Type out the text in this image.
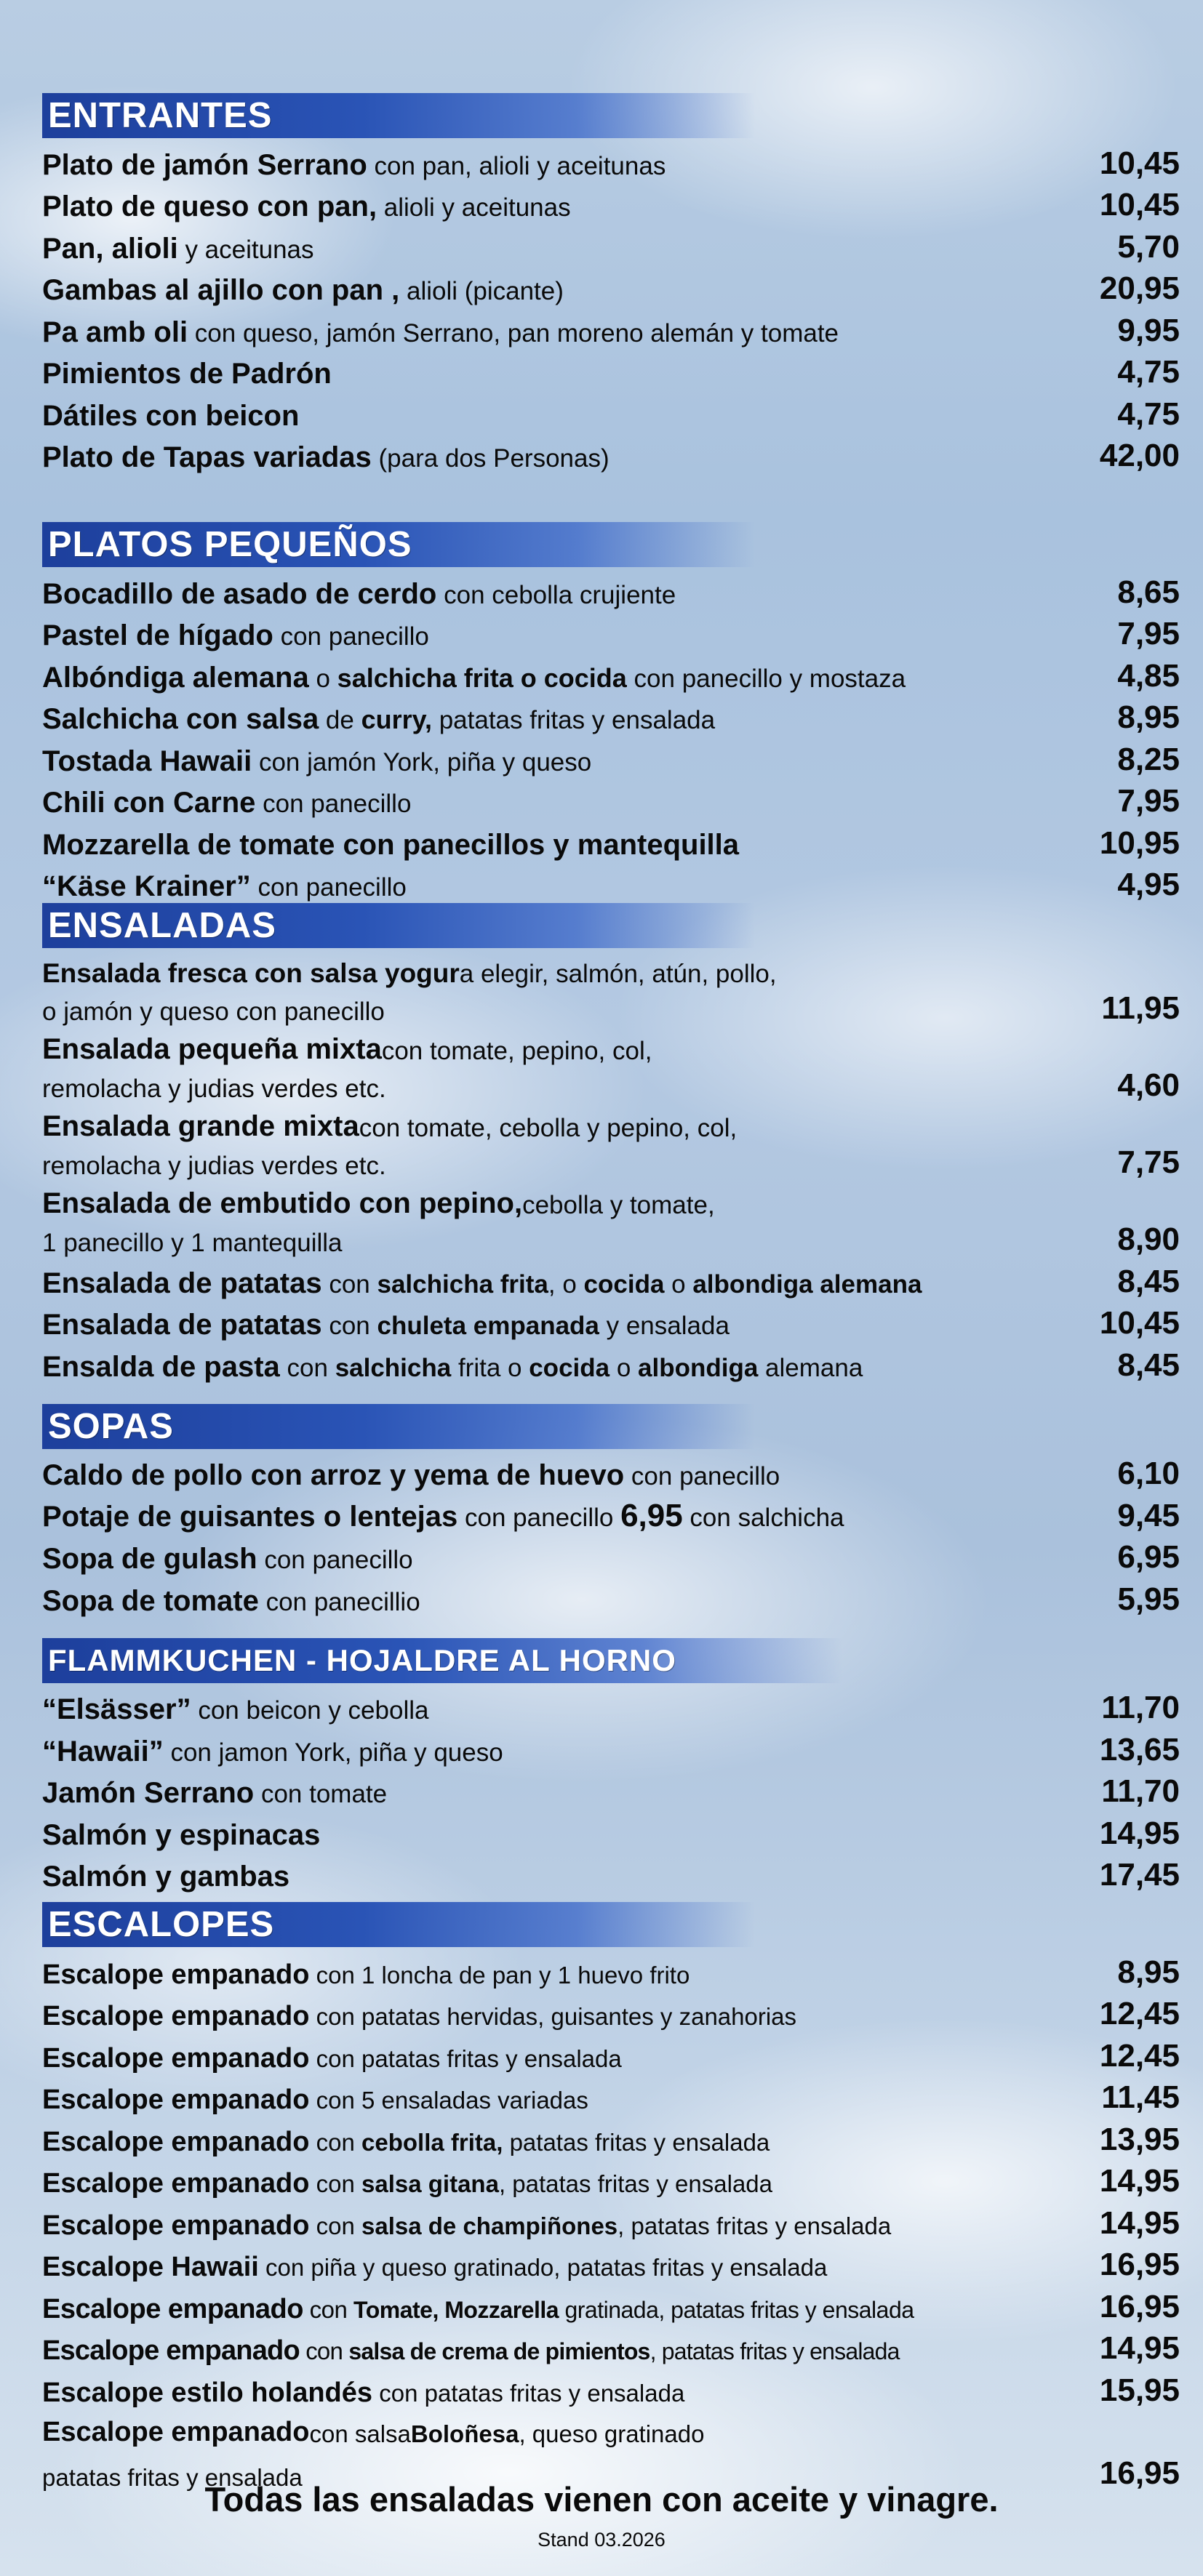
ENTRANTES
Plato de jamón Serrano con pan, alioli y aceitunas	10,45
Plato de queso con pan, alioli y aceitunas	10,45
Pan, alioli y aceitunas	5,70
Gambas al ajillo con pan , alioli (picante)	20,95
Pa amb oli con queso, jamón Serrano, pan moreno alemán y tomate	9,95
Pimientos de Padrón	4,75
Dátiles con beicon	4,75
Plato de Tapas variadas (para dos Personas)	42,00
PLATOS PEQUEÑOS
Bocadillo de asado de cerdo con cebolla crujiente	8,65
Pastel de hígado con panecillo	7,95
Albóndiga alemana o salchicha frita o cocida con panecillo y mostaza	4,85
Salchicha con salsa de curry, patatas fritas y ensalada	8,95
Tostada Hawaii con jamón York, piña y queso	8,25
Chili con Carne con panecillo	7,95
Mozzarella de tomate con panecillos y mantequilla	10,95
“Käse Krainer” con panecillo	4,95
ENSALADAS
Ensalada fresca con salsa yogur a elegir, salmón, atún, pollo,
o jamón y queso con panecillo	11,95
Ensalada pequeña mixta con tomate, pepino, col,
remolacha y judias verdes etc.	4,60
Ensalada grande mixta con tomate, cebolla y pepino, col,
remolacha y judias verdes etc.	7,75
Ensalada de embutido con pepino, cebolla y tomate,
1 panecillo y 1 mantequilla	8,90
Ensalada de patatas con salchicha frita, o cocida o albondiga alemana	8,45
Ensalada de patatas con chuleta empanada y ensalada	10,45
Ensalda de pasta con salchicha frita o cocida o albondiga alemana	8,45
SOPAS
Caldo de pollo con arroz y yema de huevo con panecillo	6,10
Potaje de guisantes o lentejas con panecillo 6,95 con salchicha	9,45
Sopa de gulash con panecillo	6,95
Sopa de tomate con panecillio	5,95
FLAMMKUCHEN - HOJALDRE AL HORNO
“Elsässer” con beicon y cebolla	11,70
“Hawaii” con jamon York, piña y queso	13,65
Jamón Serrano con tomate	11,70
Salmón y espinacas	14,95
Salmón y gambas	17,45
ESCALOPES
Escalope empanado con 1 loncha de pan y 1 huevo frito	8,95
Escalope empanado con patatas hervidas, guisantes y zanahorias	12,45
Escalope empanado con patatas fritas y ensalada	12,45
Escalope empanado con 5 ensaladas variadas	11,45
Escalope empanado con cebolla frita, patatas fritas y ensalada	13,95
Escalope empanado con salsa gitana, patatas fritas y ensalada	14,95
Escalope empanado con salsa de champiñones, patatas fritas y ensalada	14,95
Escalope Hawaii con piña y queso gratinado, patatas fritas y ensalada	16,95
Escalope empanado con Tomate, Mozzarella gratinada, patatas fritas y ensalada	16,95
Escalope empanado con salsa de crema de pimientos, patatas fritas y ensalada	14,95
Escalope estilo holandés con patatas fritas y ensalada	15,95
Escalope empanado con salsa Boloñesa , queso gratinado
patatas fritas y ensalada	16,95
Todas las ensaladas vienen con aceite y vinagre.
Stand 03.2026
